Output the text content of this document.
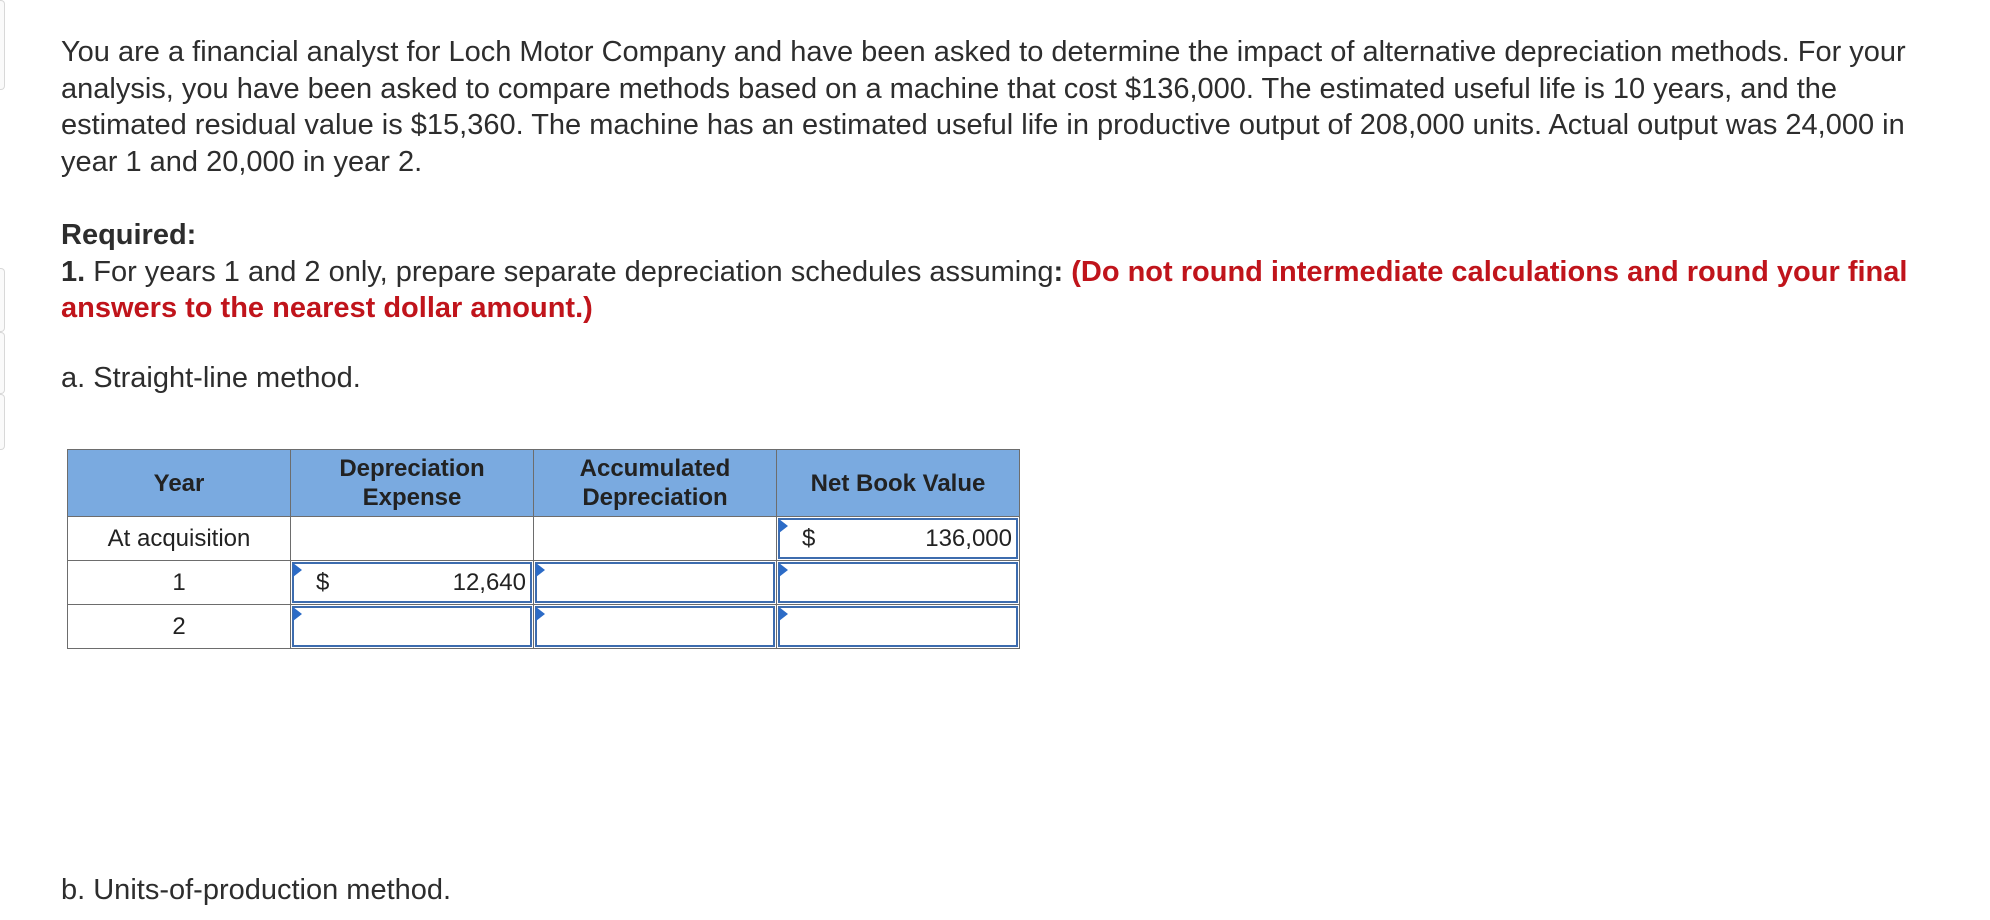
You are a financial analyst for Loch Motor Company and have been asked to determine the impact of alternative depreciation methods. For your analysis, you have been asked to compare methods based on a machine that cost $136,000. The estimated useful life is 10 years, and the estimated residual value is $15,360. The machine has an estimated useful life in productive output of 208,000 units. Actual output was 24,000 in year 1 and 20,000 in year 2.

Required:
1. For years 1 and 2 only, prepare separate depreciation schedules assuming: (Do not round intermediate calculations and round your final answers to the nearest dollar amount.)

a. Straight-line method.

Year	Depreciation Expense	Accumulated Depreciation	Net Book Value
At acquisition			$ 136,000

1	$ 12,640		

2	

b. Units-of-production method.
